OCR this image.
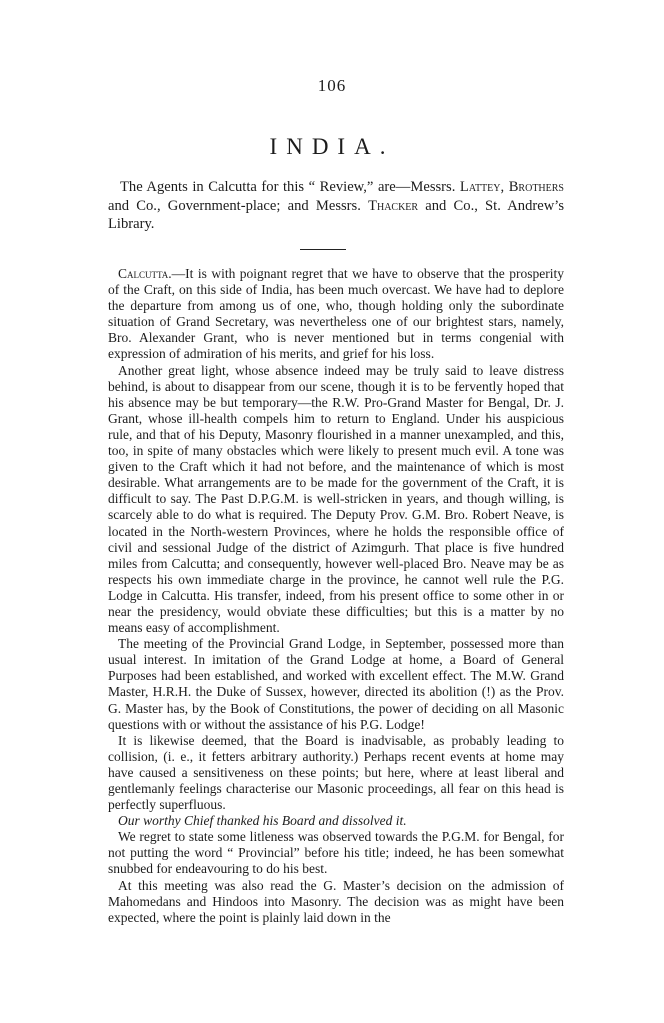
106
INDIA.

The Agents in Calcutta for this “ Review,” are—Messrs. Lattey, Brothers and Co., Government-place; and Messrs. Thacker and Co., St. Andrew’s Library.

Calcutta.—It is with poignant regret that we have to observe that the prosperity of the Craft, on this side of India, has been much overcast. We have had to deplore the departure from among us of one, who, though holding only the subordinate situation of Grand Secretary, was nevertheless one of our brightest stars, namely, Bro. Alexander Grant, who is never mentioned but in terms congenial with expression of admiration of his merits, and grief for his loss.

Another great light, whose absence indeed may be truly said to leave distress behind, is about to disappear from our scene, though it is to be fervently hoped that his absence may be but temporary—the R.W. Pro-Grand Master for Bengal, Dr. J. Grant, whose ill-health compels him to return to England. Under his auspicious rule, and that of his Deputy, Masonry flourished in a manner unexampled, and this, too, in spite of many obstacles which were likely to present much evil. A tone was given to the Craft which it had not before, and the maintenance of which is most desirable. What arrangements are to be made for the government of the Craft, it is difficult to say. The Past D.P.G.M. is well-stricken in years, and though willing, is scarcely able to do what is required. The Deputy Prov. G.M. Bro. Robert Neave, is located in the North-western Provinces, where he holds the responsible office of civil and sessional Judge of the district of Azimgurh. That place is five hundred miles from Calcutta; and consequently, however well-placed Bro. Neave may be as respects his own immediate charge in the province, he cannot well rule the P.G. Lodge in Calcutta. His transfer, indeed, from his present office to some other in or near the presidency, would obviate these difficulties; but this is a matter by no means easy of accomplishment.

The meeting of the Provincial Grand Lodge, in September, possessed more than usual interest. In imitation of the Grand Lodge at home, a Board of General Purposes had been established, and worked with excellent effect. The M.W. Grand Master, H.R.H. the Duke of Sussex, however, directed its abolition (!) as the Prov. G. Master has, by the Book of Constitutions, the power of deciding on all Masonic questions with or without the assistance of his P.G. Lodge!

It is likewise deemed, that the Board is inadvisable, as probably leading to collision, (i. e., it fetters arbitrary authority.) Perhaps recent events at home may have caused a sensitiveness on these points; but here, where at least liberal and gentlemanly feelings characterise our Masonic proceedings, all fear on this head is perfectly superfluous.

Our worthy Chief thanked his Board and dissolved it.

We regret to state some litleness was observed towards the P.G.M. for Bengal, for not putting the word “ Provincial” before his title; indeed, he has been somewhat snubbed for endeavouring to do his best.

At this meeting was also read the G. Master’s decision on the admission of Mahomedans and Hindoos into Masonry. The decision was as might have been expected, where the point is plainly laid down in the
